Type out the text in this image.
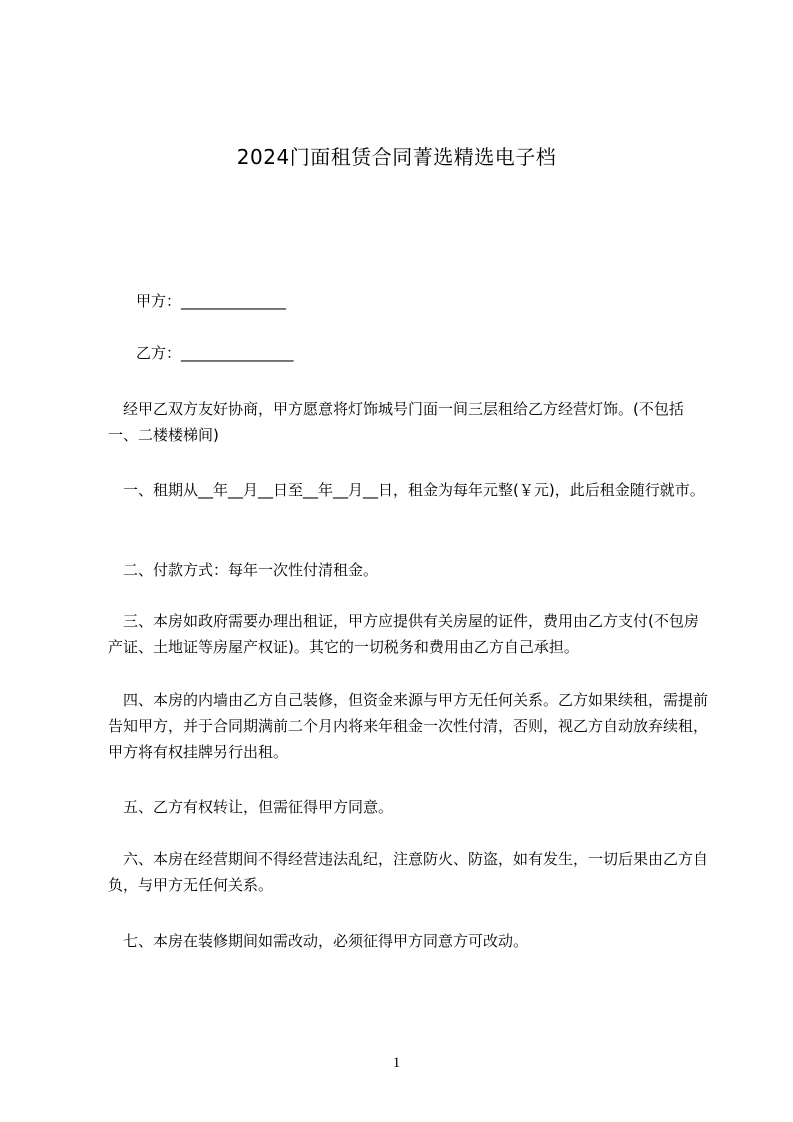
2024门面租赁合同菁选精选电子档

甲方：______________

乙方：_______________

　经甲乙双方友好协商，甲方愿意将灯饰城号门面一间三层租给乙方经营灯饰。(不包括一、二楼楼梯间)

　一、租期从__年__月__日至__年__月__日，租金为每年元整(￥元)，此后租金随行就市。

　二、付款方式：每年一次性付清租金。

　三、本房如政府需要办理出租证，甲方应提供有关房屋的证件，费用由乙方支付(不包房产证、土地证等房屋产权证)。其它的一切税务和费用由乙方自己承担。

　四、本房的内墙由乙方自己装修，但资金来源与甲方无任何关系。乙方如果续租，需提前告知甲方，并于合同期满前二个月内将来年租金一次性付清，否则，视乙方自动放弃续租，甲方将有权挂牌另行出租。

　五、乙方有权转让，但需征得甲方同意。

　六、本房在经营期间不得经营违法乱纪，注意防火、防盗，如有发生，一切后果由乙方自负，与甲方无任何关系。

　七、本房在装修期间如需改动，必须征得甲方同意方可改动。

1
